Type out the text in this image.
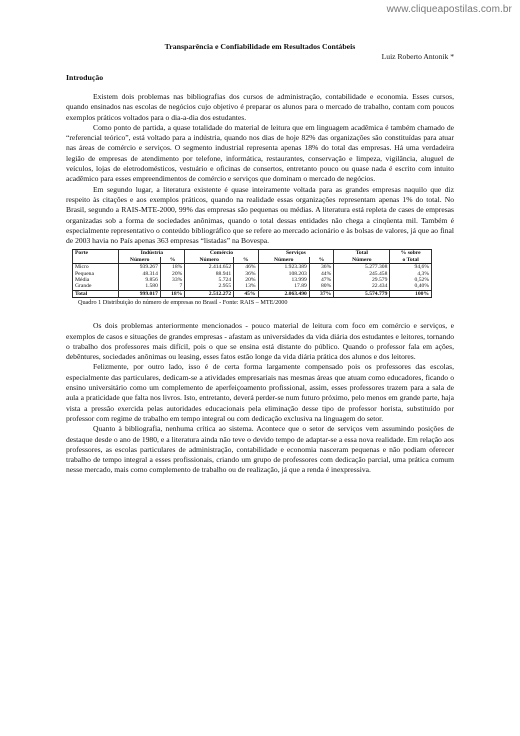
www.cliqueapostilas.com.br

Transparência e Confiabilidade em Resultados Contábeis

Luiz Roberto Antonik *

Introdução

Existem dois problemas nas bibliografias dos cursos de administração, contabilidade e economia. Esses cursos, quando ensinados nas escolas de negócios cujo objetivo é preparar os alunos para o mercado de trabalho, contam com poucos exemplos práticos voltados para o dia-a-dia dos estudantes.

Como ponto de partida, a quase totalidade do material de leitura que em linguagem acadêmica é também chamado de “referencial teórico”, está voltado para a indústria, quando nos dias de hoje 82% das organizações são constituídas para atuar nas áreas de comércio e serviços. O segmento industrial representa apenas 18% do total das empresas. Há uma verdadeira legião de empresas de atendimento por telefone, informática, restaurantes, conservação e limpeza, vigilância, aluguel de veículos, lojas de eletrodomésticos, vestuário e oficinas de consertos, entretanto pouco ou quase nada é escrito com intuito acadêmico para esses empreendimentos de comércio e serviços que dominam o mercado de negócios.

Em segundo lugar, a literatura existente é quase inteiramente voltada para as grandes empresas naquilo que diz respeito às citações e aos exemplos práticos, quando na realidade essas organizações representam apenas 1% do total. No Brasil, segundo a RAIS-MTE-2000, 99% das empresas são pequenas ou médias. A literatura está repleta de cases de empresas organizadas sob a forma de sociedades anônimas, quando o total dessas entidades não chega a cinqüenta mil. Também é especialmente representativo o conteúdo bibliográfico que se refere ao mercado acionário e às bolsas de valores, já que ao final de 2003 havia no País apenas 363 empresas “listadas” na Bovespa.

Porte	Indústria		Comércio		Serviços		Total	% sobre
	Número	%	Número	%	Número	%	Número	o Total
Micro	939.267	18%	2.414.652	46%	1.923.389	36%	5.277.308	94,6%
Pequena	48.314	20%	88.941	36%	108.203	44%	245.458	4,3%
Média	9.856	33%	5.724	20%	13.999	47%	29.579	0,52%
Grande	1.580	7	2.955	13%	17.89	80%	22.434	0,40%
Total	999.017	18%	2.512.272	45%	2.063.490	37%	5.574.779	100%
Quadro 1 Distribuição do número de empresas no Brasil - Fonte: RAIS – MTE/2000

Os dois problemas anteriormente mencionados - pouco material de leitura com foco em comércio e serviços, e exemplos de casos e situações de grandes empresas - afastam as universidades da vida diária dos estudantes e leitores, tornando o trabalho dos professores mais difícil, pois o que se ensina está distante do público. Quando o professor fala em ações, debêntures, sociedades anônimas ou leasing, esses fatos estão longe da vida diária prática dos alunos e dos leitores.

Felizmente, por outro lado, isso é de certa forma largamente compensado pois os professores das escolas, especialmente das particulares, dedicam-se a atividades empresariais nas mesmas áreas que atuam como educadores, ficando o ensino universitário como um complemento de aperfeiçoamento profissional, assim, esses professores trazem para a sala de aula a praticidade que falta nos livros. Isto, entretanto, deverá perder-se num futuro próximo, pelo menos em grande parte, haja vista a pressão exercida pelas autoridades educacionais pela eliminação desse tipo de professor horista, substituído por professor com regime de trabalho em tempo integral ou com dedicação exclusiva na linguagem do setor.

Quanto à bibliografia, nenhuma crítica ao sistema. Acontece que o setor de serviços vem assumindo posições de destaque desde o ano de 1980, e a literatura ainda não teve o devido tempo de adaptar-se a essa nova realidade. Em relação aos professores, as escolas particulares de administração, contabilidade e economia nasceram pequenas e não podiam oferecer trabalho de tempo integral a esses profissionais, criando um grupo de professores com dedicação parcial, uma prática comum nesse mercado, mais como complemento de trabalho ou de realização, já que a renda é inexpressiva.
